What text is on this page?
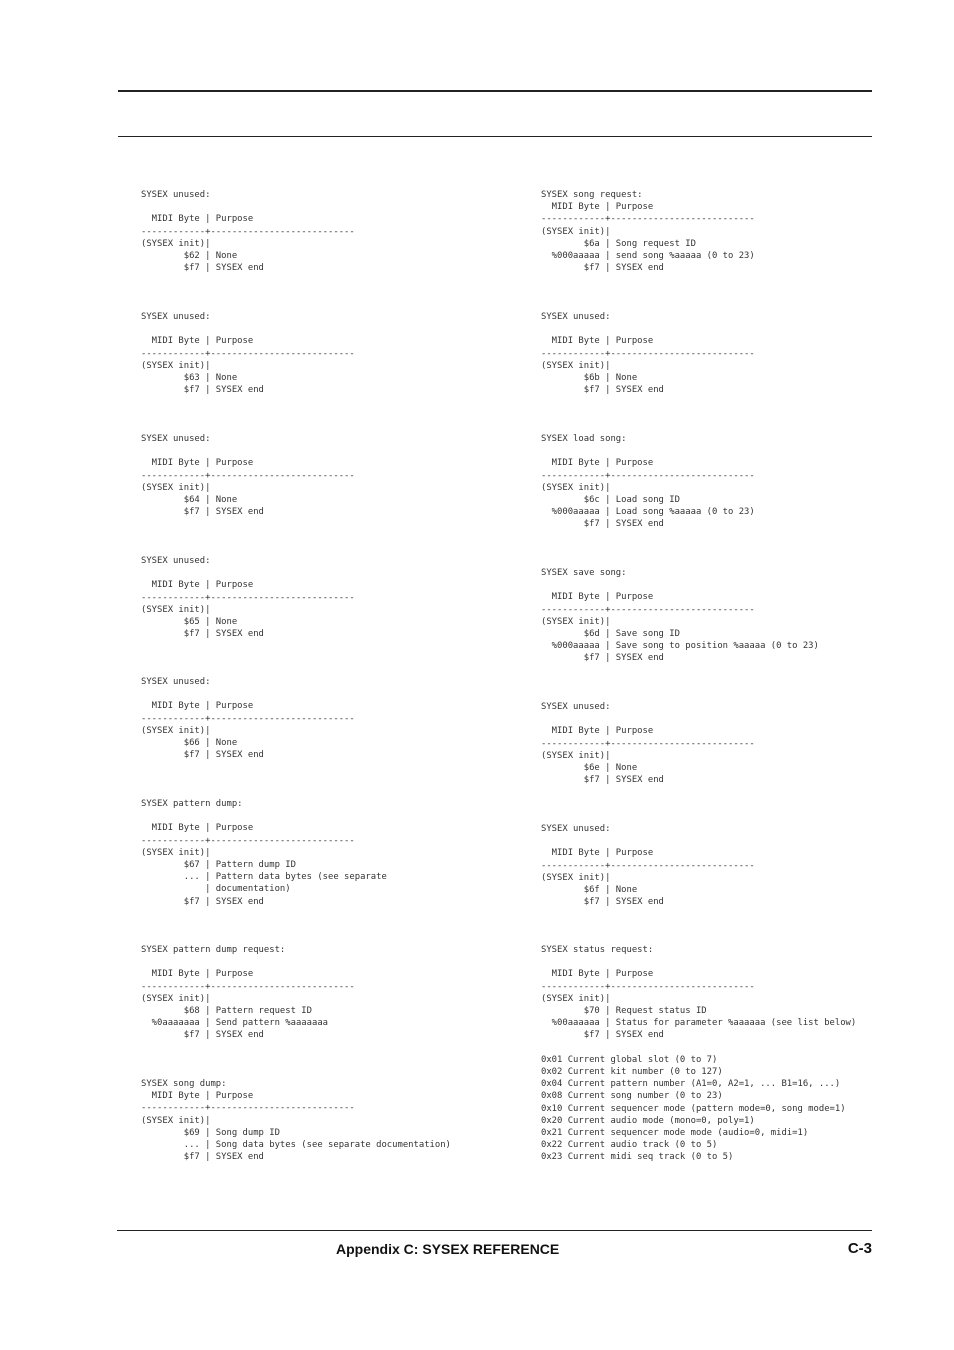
SYSEX unused:

MIDI Byte | Purpose
------------+---------------------------
(SYSEX init)|
$62 | None
$f7 | SYSEX end
SYSEX unused:

MIDI Byte | Purpose
------------+---------------------------
(SYSEX init)|
$63 | None
$f7 | SYSEX end
SYSEX unused:

MIDI Byte | Purpose
------------+---------------------------
(SYSEX init)|
$64 | None
$f7 | SYSEX end
SYSEX unused:

MIDI Byte | Purpose
------------+---------------------------
(SYSEX init)|
$65 | None
$f7 | SYSEX end
SYSEX unused:

MIDI Byte | Purpose
------------+---------------------------
(SYSEX init)|
$66 | None
$f7 | SYSEX end
SYSEX pattern dump:

MIDI Byte | Purpose
------------+---------------------------
(SYSEX init)|
$67 | Pattern dump ID
... | Pattern data bytes (see separate
| documentation)
$f7 | SYSEX end
SYSEX pattern dump request:

MIDI Byte | Purpose
------------+---------------------------
(SYSEX init)|
$68 | Pattern request ID
%0aaaaaaa | Send pattern %aaaaaaa
$f7 | SYSEX end
SYSEX song dump:
MIDI Byte | Purpose
------------+---------------------------
(SYSEX init)|
$69 | Song dump ID
... | Song data bytes (see separate documentation)
$f7 | SYSEX end
SYSEX song request:
MIDI Byte | Purpose
------------+---------------------------
(SYSEX init)|
$6a | Song request ID
%000aaaaa | send song %aaaaa (0 to 23)
$f7 | SYSEX end
SYSEX unused:

MIDI Byte | Purpose
------------+---------------------------
(SYSEX init)|
$6b | None
$f7 | SYSEX end
SYSEX load song:

MIDI Byte | Purpose
------------+---------------------------
(SYSEX init)|
$6c | Load song ID
%000aaaaa | Load song %aaaaa (0 to 23)
$f7 | SYSEX end
SYSEX save song:

MIDI Byte | Purpose
------------+---------------------------
(SYSEX init)|
$6d | Save song ID
%000aaaaa | Save song to position %aaaaa (0 to 23)
$f7 | SYSEX end
SYSEX unused:

MIDI Byte | Purpose
------------+---------------------------
(SYSEX init)|
$6e | None
$f7 | SYSEX end
SYSEX unused:

MIDI Byte | Purpose
------------+---------------------------
(SYSEX init)|
$6f | None
$f7 | SYSEX end
SYSEX status request:

MIDI Byte | Purpose
------------+---------------------------
(SYSEX init)|
$70 | Request status ID
%00aaaaaa | Status for parameter %aaaaaa (see list below)
$f7 | SYSEX end

0x01 Current global slot (0 to 7)
0x02 Current kit number (0 to 127)
0x04 Current pattern number (A1=0, A2=1, ... B1=16, ...)
0x08 Current song number (0 to 23)
0x10 Current sequencer mode (pattern mode=0, song mode=1)
0x20 Current audio mode (mono=0, poly=1)
0x21 Current sequencer mode mode (audio=0, midi=1)
0x22 Current audio track (0 to 5)
0x23 Current midi seq track (0 to 5)
Appendix C: SYSEX REFERENCE	C-3
